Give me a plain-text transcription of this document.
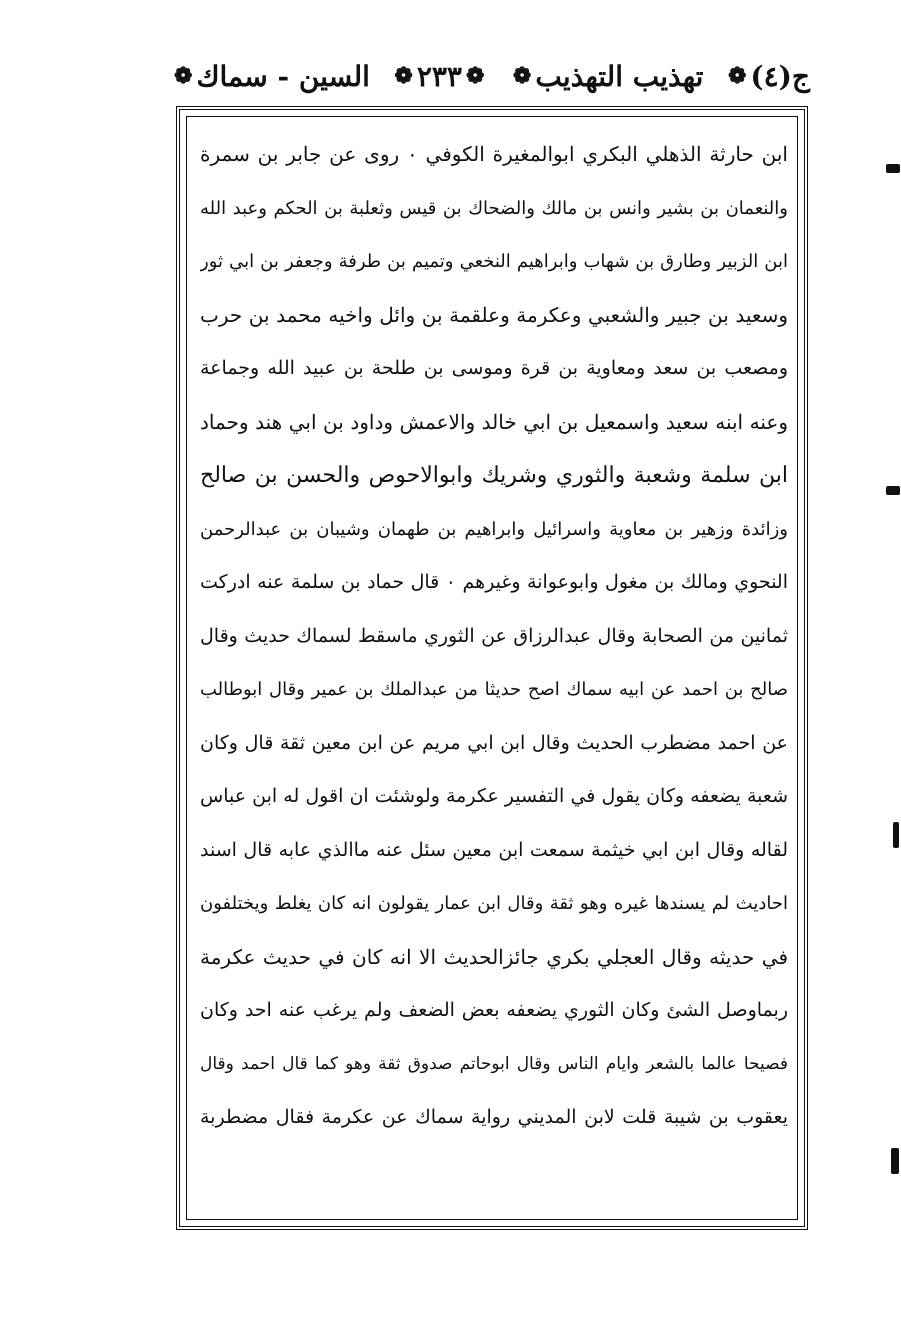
ج(٤)
❁
تهذيب التهذيب
❁
❁
٢٣٣
❁
السين - سماك
❁
ابن حارثة الذهلي البكري ابوالمغيرة الكوفي ٠ روى عن جابر بن سمرة
والنعمان بن بشير وانس بن مالك والضحاك بن قيس وثعلبة بن الحكم وعبد الله
ابن الزبير وطارق بن شهاب وابراهيم النخعي وتميم بن طرفة وجعفر بن ابي ثور
وسعيد بن جبير والشعبي وعكرمة وعلقمة بن وائل واخيه محمد بن حرب
ومصعب بن سعد ومعاوية بن قرة وموسى بن طلحة بن عبيد الله وجماعة
وعنه ابنه سعيد واسمعيل بن ابي خالد والاعمش وداود بن ابي هند وحماد
ابن سلمة وشعبة والثوري وشريك وابوالاحوص والحسن بن صالح
وزائدة وزهير بن معاوية واسرائيل وابراهيم بن طهمان وشيبان بن عبدالرحمن
النحوي ومالك بن مغول وابوعوانة وغيرهم ٠ قال حماد بن سلمة عنه ادركت
ثمانين من الصحابة وقال عبدالرزاق عن الثوري ماسقط لسماك حديث وقال
صالح بن احمد عن ابيه سماك اصح حديثا من عبدالملك بن عمير وقال ابوطالب
عن احمد مضطرب الحديث وقال ابن ابي مريم عن ابن معين ثقة قال وكان
شعبة يضعفه وكان يقول في التفسير عكرمة ولوشئت ان اقول له ابن عباس
لقاله وقال ابن ابي خيثمة سمعت ابن معين سئل عنه ماالذي عابه قال اسند
احاديث لم يسندها غيره وهو ثقة وقال ابن عمار يقولون انه كان يغلط ويختلفون
في حديثه وقال العجلي بكري جائزالحديث الا انه كان في حديث عكرمة
ربماوصل الشئ وكان الثوري يضعفه بعض الضعف ولم يرغب عنه احد وكان
فصيحا عالما بالشعر وايام الناس وقال ابوحاتم صدوق ثقة وهو كما قال احمد وقال
يعقوب بن شيبة قلت لابن المديني رواية سماك عن عكرمة فقال مضطربة
